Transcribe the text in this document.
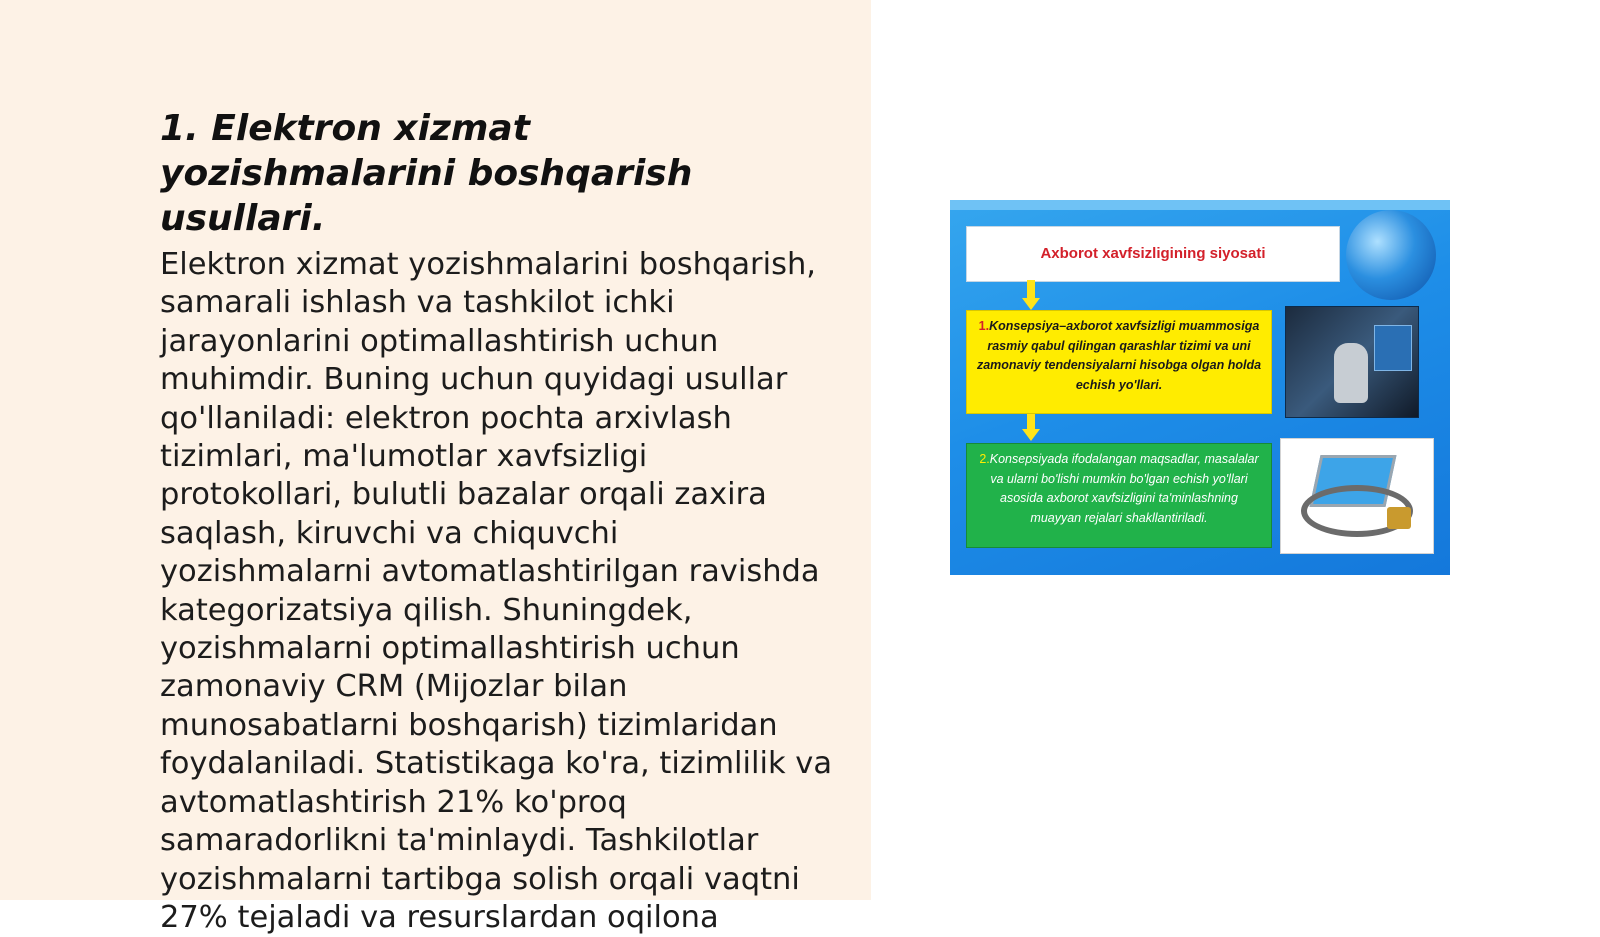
1. Elektron xizmat yozishmalarini boshqarish usullari.

Elektron xizmat yozishmalarini boshqarish, samarali ishlash va tashkilot ichki jarayonlarini optimallashtirish uchun muhimdir. Buning uchun quyidagi usullar qo'llaniladi: elektron pochta arxivlash tizimlari, ma'lumotlar xavfsizligi protokollari, bulutli bazalar orqali zaxira saqlash, kiruvchi va chiquvchi yozishmalarni avtomatlashtirilgan ravishda kategorizatsiya qilish. Shuningdek, yozishmalarni optimallashtirish uchun zamonaviy CRM (Mijozlar bilan munosabatlarni boshqarish) tizimlaridan foydalaniladi. Statistikaga ko'ra, tizimlilik va avtomatlashtirish 21% ko'proq samaradorlikni ta'minlaydi. Tashkilotlar yozishmalarni tartibga solish orqali vaqtni 27% tejaladi va resurslardan oqilona

Axborot xavfsizligining siyosati
1.Konsepsiya–axborot xavfsizligi muammosiga rasmiy qabul qilingan qarashlar tizimi va uni zamonaviy tendensiyalarni hisobga olgan holda echish yo'llari.
2.Konsepsiyada ifodalangan maqsadlar, masalalar va ularni bo'lishi mumkin bo'lgan echish yo'llari asosida axborot xavfsizligini ta'minlashning muayyan rejalari shakllantiriladi.
